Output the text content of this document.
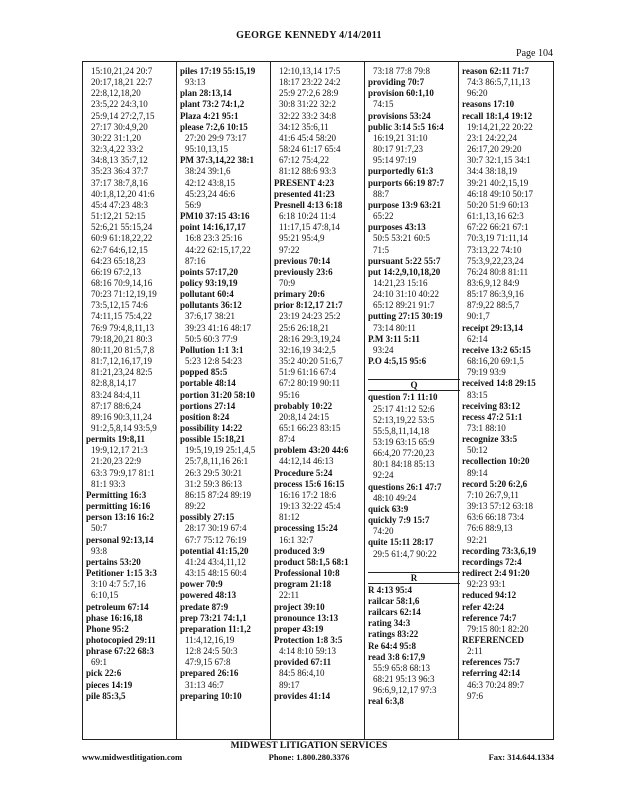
GEORGE KENNEDY 4/14/2011
Page 104
15:10,21,24 20:7
20:17,18,21 22:7
22:8,12,18,20
23:5,22 24:3,10
25:9,14 27:2,7,15
27:17 30:4,9,20
30:22 31:1,20
32:3,4,22 33:2
34:8,13 35:7,12
35:23 36:4 37:7
37:17 38:7,8,16
40:1,8,12,20 41:6
45:4 47:23 48:3
51:12,21 52:15
52:6,21 55:15,24
60:9 61:18,22,22
62:7 64:6,12,15
64:23 65:18,23
66:19 67:2,13
68:16 70:9,14,16
70:23 71:12,19,19
73:5,12,15 74:6
74:11,15 75:4,22
76:9 79:4,8,11,13
79:18,20,21 80:3
80:11,20 81:5,7,8
81:7,12,16,17,19
81:21,23,24 82:5
82:8,8,14,17
83:24 84:4,11
87:17 88:6,24
89:16 90:3,11,24
91:2,5,8,14 93:5,9
permits 19:8,11
19:9,12,17 21:3
21:20,23 22:9
63:3 79:9,17 81:1
81:1 93:3
Permitting 16:3
permitting 16:16
person 13:16 16:2
50:7
personal 92:13,14
93:8
pertains 53:20
Petitioner 1:15 3:3
3:10 4:7 5:7,16
6:10,15
petroleum 67:14
phase 16:16,18
Phone 95:2
photocopied 29:11
phrase 67:22 68:3
69:1
pick 22:6
pieces 14:19
pile 85:3,5
piles 17:19 55:15,19
93:13
plan 28:13,14
plant 73:2 74:1,2
Plaza 4:21 95:1
please 7:2,6 10:15
27:20 29:9 73:17
95:10,13,15
PM 37:3,14,22 38:1
38:24 39:1,6
42:12 43:8,15
45:23,24 46:6
56:9
PM10 37:15 43:16
point 14:16,17,17
16:8 23:3 25:16
44:22 62:15,17,22
87:16
points 57:17,20
policy 93:19,19
pollutant 60:4
pollutants 36:12
37:6,17 38:21
39:23 41:16 48:17
50:5 60:3 77:9
Pollution 1:1 3:1
5:23 12:8 54:23
popped 85:5
portable 48:14
portion 31:20 58:10
portions 27:14
position 8:24
possibility 14:22
possible 15:18,21
19:5,19,19 25:1,4,5
25:7,8,11,16 26:1
26:3 29:5 30:21
31:2 59:3 86:13
86:15 87:24 89:19
89:22
possibly 27:15
28:17 30:19 67:4
67:7 75:12 76:19
potential 41:15,20
41:24 43:4,11,12
43:15 48:15 60:4
power 70:9
powered 48:13
predate 87:9
prep 73:21 74:1,1
preparation 11:1,2
11:4,12,16,19
12:8 24:5 50:3
47:9,15 67:8
prepared 26:16
31:13 46:7
preparing 10:10
12:10,13,14 17:5
18:17 23:22 24:2
25:9 27:2,6 28:9
30:8 31:22 32:2
32:22 33:2 34:8
34:12 35:6,11
41:6 45:4 58:20
58:24 61:17 65:4
67:12 75:4,22
81:12 88:6 93:3
PRESENT 4:23
presented 41:23
Presnell 4:13 6:18
6:18 10:24 11:4
11:17,15 47:8,14
95:21 95:4,9
97:22
previous 70:14
previously 23:6
70:9
primary 20:6
prior 8:12,17 21:7
23:19 24:23 25:2
25:6 26:18,21
28:16 29:3,19,24
32:16,19 34:2,5
35:2 40:20 51:6,7
51:9 61:16 67:4
67:2 80:19 90:11
95:16
probably 10:22
20:8,14 24:15
65:1 66:23 83:15
87:4
problem 43:20 44:6
44:12,14 46:13
Procedure 5:24
process 15:6 16:15
16:16 17:2 18:6
19:13 32:22 45:4
81:12
processing 15:24
16:1 32:7
produced 3:9
product 58:1,5 68:1
Professional 10:8
program 21:18
22:11
project 39:10
pronounce 13:13
proper 43:19
Protection 1:8 3:5
4:14 8:10 59:13
provided 67:11
84:5 86:4,10
89:17
provides 41:14
73:18 77:8 79:8
providing 70:7
provision 60:1,10
74:15
provisions 53:24
public 3:14 5:5 16:4
16:19,21 31:10
80:17 91:7,23
95:14 97:19
purportedly 61:3
purports 66:19 87:7
88:7
purpose 13:9 63:21
65:22
purposes 43:13
50:5 53:21 60:5
71:5
pursuant 5:22 55:7
put 14:2,9,10,18,20
14:21,23 15:16
24:10 31:10 40:22
65:12 89:21 91:7
putting 27:15 30:19
73:14 80:11
P.M 3:11 5:11
93:24
P.O 4:5,15 95:6
Q
question 7:1 11:10
25:17 41:12 52:6
52:13,19,22 53:5
55:5,8,11,14,18
53:19 63:15 65:9
66:4,20 77:20,23
80:1 84:18 85:13
92:24
questions 26:1 47:7
48:10 49:24
quick 63:9
quickly 7:9 15:7
74:20
quite 15:11 28:17
29:5 61:4,7 90:22
R
R 4:13 95:4
railcar 58:1,6
railcars 62:14
rating 34:3
ratings 83:22
Re 64:4 95:8
read 3:8 6:17,9
55:9 65:8 68:13
68:21 95:13 96:3
96:6,9,12,17 97:3
real 6:3,8
reason 62:11 71:7
74:3 86:5,7,11,13
96:20
reasons 17:10
recall 18:1,4 19:12
19:14,21,22 20:22
23:1 24:22,24
26:17,20 29:20
30:7 32:1,15 34:1
34:4 38:18,19
39:21 40:2,15,19
46:18 49:10 50:17
50:20 51:9 60:13
61:1,13,16 62:3
67:22 66:21 67:1
70:3,19 71:11,14
73:13,22 74:10
75:3,9,22,23,24
76:24 80:8 81:11
83:6,9,12 84:9
85:17 86:3,9,16
87:9,22 88:5,7
90:1,7
receipt 29:13,14
62:14
receive 13:2 65:15
68:16,20 69:1,5
79:19 93:9
received 14:8 29:15
83:15
receiving 83:12
recess 47:2 51:1
73:1 88:10
recognize 33:5
50:12
recollection 10:20
89:14
record 5:20 6:2,6
7:10 26:7,9,11
39:13 57:12 63:18
63:6 66:18 73:4
76:6 88:9,13
92:21
recording 73:3,6,19
recordings 72:4
redirect 2:4 91:20
92:23 93:1
reduced 94:12
refer 42:24
reference 74:7
79:15 80:1 82:20
REFERENCED
2:11
references 75:7
referring 42:14
46:3 70:24 89:7
97:6
MIDWEST LITIGATION SERVICES
www.midwestlitigation.com	Phone: 1.800.280.3376	Fax: 314.644.1334
